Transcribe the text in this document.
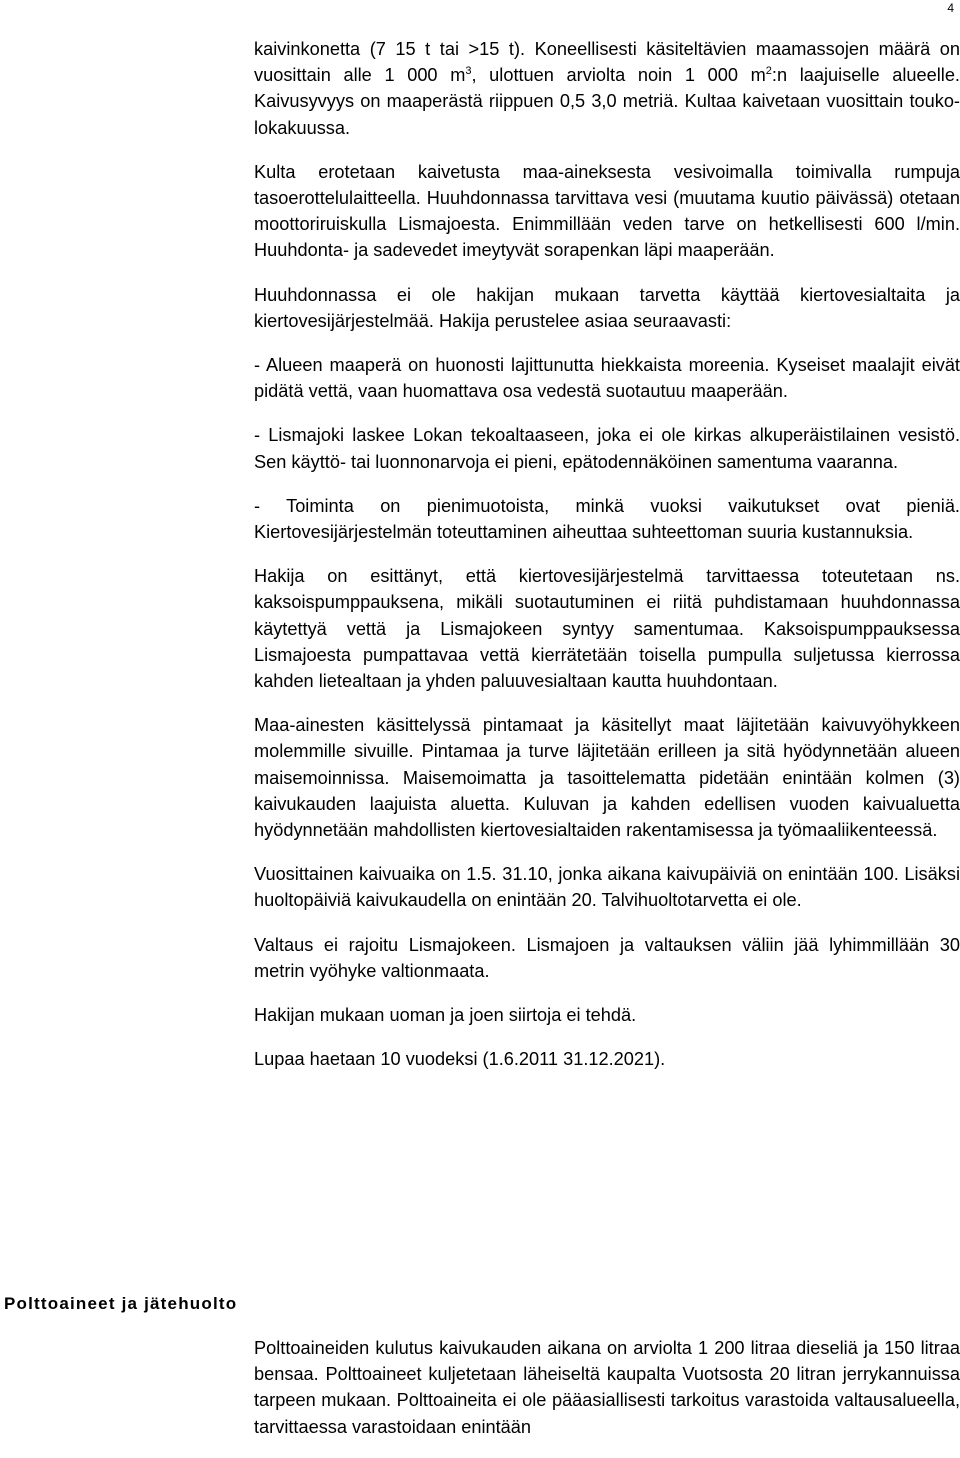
4

kaivinkonetta (7 15 t tai >15 t). Koneellisesti käsiteltävien maamassojen määrä on vuosittain alle 1 000 $m^3$, ulottuen arviolta noin 1 000 $m^2:n$ laajuiselle alueelle. Kaivusyvyys on maaperästä riippuen 0,5 3,0 metriä. Kultaa kaivetaan vuosittain touko-lokakuussa.

Kulta erotetaan kaivetusta maa-aineksesta vesivoimalla toimivalla rumpuja tasoerottelulaitteella. Huuhdonnassa tarvittava vesi (muutama kuutio päivässä) otetaan moottoriruiskulla Lismajoesta. Enimmillään veden tarve on hetkellisesti 600 l/min. Huuhdonta- ja sadevedet imeytyvät sorapenkan läpi maaperään.

Huuhdonnassa ei ole hakijan mukaan tarvetta käyttää kiertovesialtaita ja kiertovesijärjestelmää. Hakija perustelee asiaa seuraavasti:

- Alueen maaperä on huonosti lajittunutta hiekkaista moreenia. Kyseiset maalajit eivät pidätä vettä, vaan huomattava osa vedestä suotautuu maaperään.

- Lismajoki laskee Lokan tekoaltaaseen, joka ei ole kirkas alkuperäistilainen vesistö. Sen käyttö- tai luonnonarvoja ei pieni, epätodennäköinen samentuma vaaranna.

- Toiminta on pienimuotoista, minkä vuoksi vaikutukset ovat pieniä. Kiertovesijärjestelmän toteuttaminen aiheuttaa suhteettoman suuria kustannuksia.

Hakija on esittänyt, että kiertovesijärjestelmä tarvittaessa toteutetaan ns. kaksoispumppauksena, mikäli suotautuminen ei riitä puhdistamaan huuhdonnassa käytettyä vettä ja Lismajokeen syntyy samentumaa. Kaksoispumppauksessa Lismajoesta pumpattavaa vettä kierrätetään toisella pumpulla suljetussa kierrossa kahden lietealtaan ja yhden paluuvesialtaan kautta huuhdontaan.

Maa-ainesten käsittelyssä pintamaat ja käsitellyt maat läjitetään kaivuvyöhykkeen molemmille sivuille. Pintamaa ja turve läjitetään erilleen ja sitä hyödynnetään alueen maisemoinnissa. Maisemoimatta ja tasoittelematta pidetään enintään kolmen (3) kaivukauden laajuista aluetta. Kuluvan ja kahden edellisen vuoden kaivualuetta hyödynnetään mahdollisten kiertovesialtaiden rakentamisessa ja työmaaliikenteessä.

Vuosittainen kaivuaika on 1.5. 31.10, jonka aikana kaivupäiviä on enintään 100. Lisäksi huoltopäiviä kaivukaudella on enintään 20. Talvihuoltotarvetta ei ole.

Valtaus ei rajoitu Lismajokeen. Lismajoen ja valtauksen väliin jää lyhimmillään 30 metrin vyöhyke valtionmaata.

Hakijan mukaan uoman ja joen siirtoja ei tehdä.

Lupaa haetaan 10 vuodeksi (1.6.2011 31.12.2021).

Polttoaineet ja jätehuolto

Polttoaineiden kulutus kaivukauden aikana on arviolta 1 200 litraa dieseliä ja 150 litraa bensaa. Polttoaineet kuljetetaan läheiseltä kaupalta Vuotsosta 20 litran jerrykannuissa tarpeen mukaan. Polttoaineita ei ole pääasiallisesti tarkoitus varastoida valtausalueella, tarvittaessa varastoidaan enintään
